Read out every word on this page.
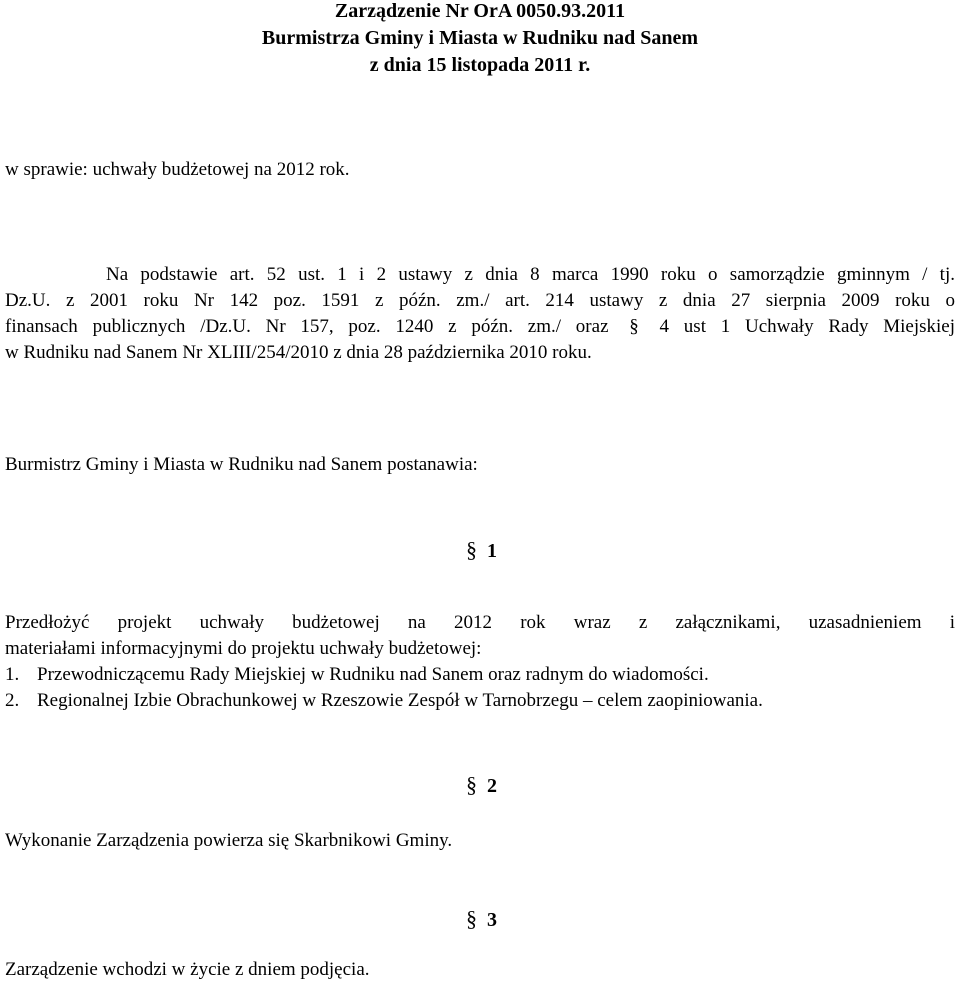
Zarządzenie Nr OrA 0050.93.2011
Burmistrza Gminy i Miasta w Rudniku nad Sanem
z dnia 15 listopada 2011 r.
w sprawie: uchwały budżetowej na 2012 rok.
Na podstawie art. 52 ust. 1 i 2 ustawy z dnia 8 marca 1990 roku o samorządzie gminnym / tj.
Dz.U. z 2001 roku Nr 142 poz. 1591 z późn. zm./ art. 214 ustawy z dnia 27 sierpnia 2009 roku o
finansach publicznych /Dz.U. Nr 157, poz. 1240 z późn. zm./ oraz § 4 ust 1 Uchwały Rady Miejskiej
w Rudniku nad Sanem Nr XLIII/254/2010 z dnia 28 października 2010 roku.
Burmistrz Gminy i Miasta w Rudniku nad Sanem postanawia:
§ 1
Przedłożyć projekt uchwały budżetowej na 2012 rok wraz z załącznikami, uzasadnieniem i
materiałami informacyjnymi do projektu uchwały budżetowej:
1. Przewodniczącemu Rady Miejskiej w Rudniku nad Sanem oraz radnym do wiadomości.
2. Regionalnej Izbie Obrachunkowej w Rzeszowie Zespół w Tarnobrzegu – celem zaopiniowania.
§ 2
Wykonanie Zarządzenia powierza się Skarbnikowi Gminy.
§ 3
Zarządzenie wchodzi w życie z dniem podjęcia.
